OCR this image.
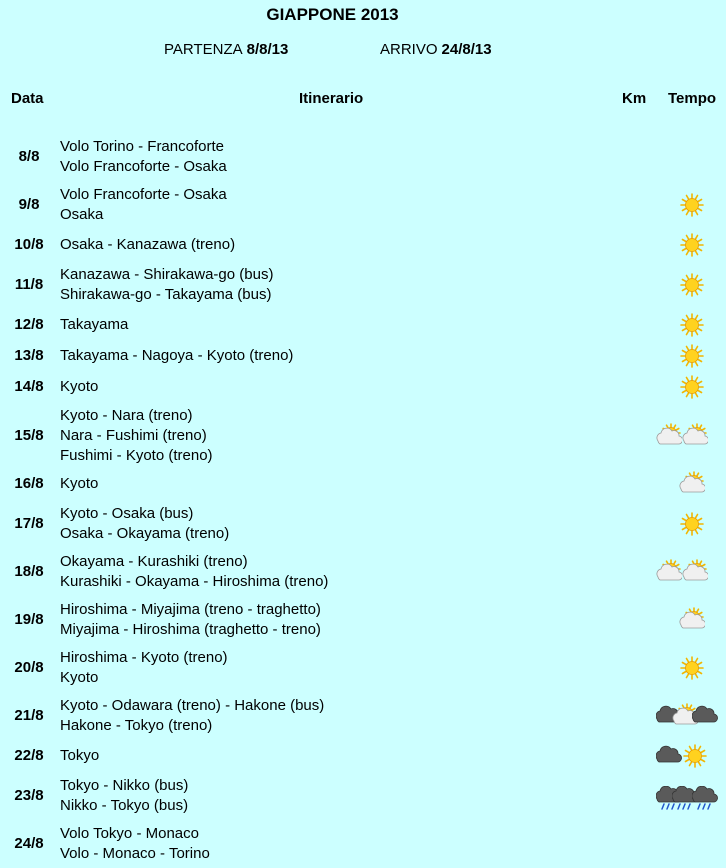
GIAPPONE 2013
PARTENZA 8/8/13	ARRIVO 24/8/13
Data	Itinerario	Km Tempo
8/8
Volo Torino - Francoforte
Volo Francoforte - Osaka
9/8
Volo Francoforte - Osaka
Osaka
10/8	Osaka - Kanazawa (treno)
11/8
Kanazawa - Shirakawa-go (bus)
Shirakawa-go - Takayama (bus)
12/8	Takayama
13/8	Takayama - Nagoya - Kyoto (treno)
14/8	Kyoto
15/8
Kyoto - Nara (treno)
Nara - Fushimi (treno)
Fushimi - Kyoto (treno)
16/8	Kyoto
17/8
Kyoto - Osaka (bus)
Osaka - Okayama (treno)
18/8
Okayama - Kurashiki (treno)
Kurashiki - Okayama - Hiroshima (treno)
19/8
Hiroshima - Miyajima (treno - traghetto)
Miyajima - Hiroshima (traghetto - treno)
20/8
Hiroshima - Kyoto (treno)
Kyoto
21/8
Kyoto - Odawara (treno) - Hakone (bus)
Hakone - Tokyo (treno)
22/8	Tokyo
23/8
Tokyo - Nikko (bus)
Nikko - Tokyo (bus)
24/8
Volo Tokyo - Monaco
Volo - Monaco - Torino
